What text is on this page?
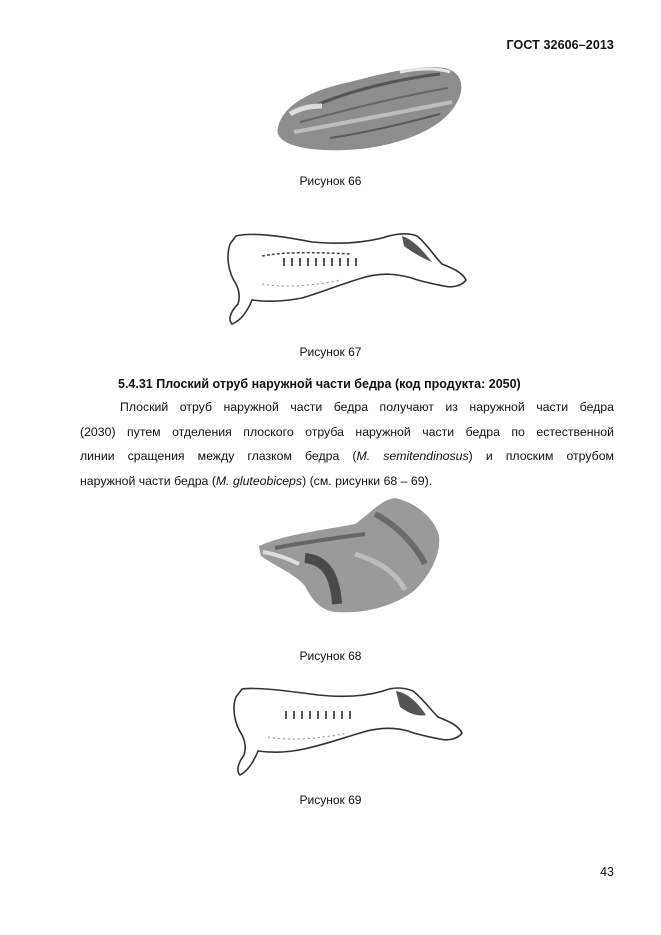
ГОСТ 32606–2013
Рисунок 66
Рисунок 67
5.4.31 Плоский отруб наружной части бедра (код продукта: 2050)
Плоский отруб наружной части бедра получают из наружной части бедра
(2030) путем отделения плоского отруба наружной части бедра по естественной
линии сращения между глазком бедра (M. semitendinosus) и плоским отрубом
наружной части бедра (M. gluteobiceps) (см. рисунки 68 – 69).
Рисунок 68
Рисунок 69
43
